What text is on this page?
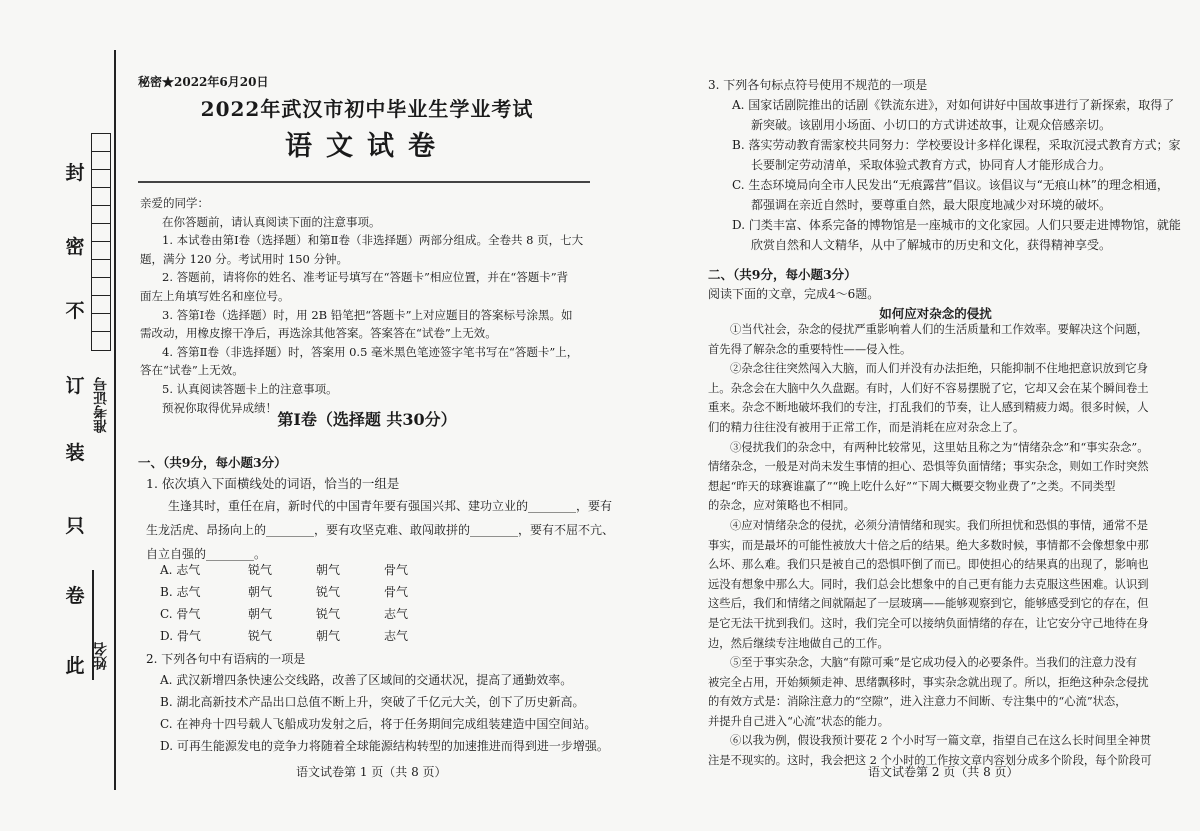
封
密
不
订
装
只
卷
此
准考证号
姓名
秘密★2022年6月20日
2022年武汉市初中毕业生学业考试
语文试卷

亲爱的同学：

在你答题前，请认真阅读下面的注意事项。

1. 本试卷由第Ⅰ卷（选择题）和第Ⅱ卷（非选择题）两部分组成。全卷共 8 页，七大

题，满分 120 分。考试用时 150 分钟。

2. 答题前，请将你的姓名、准考证号填写在“答题卡”相应位置，并在“答题卡”背

面左上角填写姓名和座位号。

3. 答第Ⅰ卷（选择题）时，用 2B 铅笔把“答题卡”上对应题目的答案标号涂黑。如

需改动，用橡皮擦干净后，再选涂其他答案。答案答在“试卷”上无效。

4. 答第Ⅱ卷（非选择题）时，答案用 0.5 毫米黑色笔迹签字笔书写在“答题卡”上，

答在“试卷”上无效。

5. 认真阅读答题卡上的注意事项。

预祝你取得优异成绩！

第Ⅰ卷（选择题 共30分）
一、（共9分，每小题3分）
1. 依次填入下面横线处的词语，恰当的一组是

生逢其时，重任在肩，新时代的中国青年要有强国兴邦、建功立业的________，要有

生龙活虎、昂扬向上的________，要有攻坚克难、敢闯敢拼的________，要有不屈不亢、

自立自强的________。

A. 志气	锐气	朝气	骨气
B. 志气	朝气	锐气	骨气
C. 骨气	朝气	锐气	志气
D. 骨气	锐气	朝气	志气
2. 下列各句中有语病的一项是
A. 武汉新增四条快速公交线路，改善了区域间的交通状况，提高了通勤效率。
B. 湖北高新技术产品出口总值不断上升，突破了千亿元大关，创下了历史新高。
C. 在神舟十四号载人飞船成功发射之后，将于任务期间完成组装建造中国空间站。
D. 可再生能源发电的竞争力将随着全球能源结构转型的加速推进而得到进一步增强。
语文试卷第 1 页（共 8 页）
3. 下列各句标点符号使用不规范的一项是
A. 国家话剧院推出的话剧《铁流东进》，对如何讲好中国故事进行了新探索，取得了
新突破。该剧用小场面、小切口的方式讲述故事，让观众倍感亲切。
B. 落实劳动教育需家校共同努力：学校要设计多样化课程，采取沉浸式教育方式；家
长要制定劳动清单，采取体验式教育方式，协同育人才能形成合力。
C. 生态环境局向全市人民发出“无痕露营”倡议。该倡议与“无痕山林”的理念相通，
都强调在亲近自然时，要尊重自然，最大限度地减少对环境的破坏。
D. 门类丰富、体系完备的博物馆是一座城市的文化家园。人们只要走进博物馆，就能
欣赏自然和人文精华，从中了解城市的历史和文化，获得精神享受。
二、（共9分，每小题3分）
阅读下面的文章，完成4～6题。
如何应对杂念的侵扰
①当代社会，杂念的侵扰严重影响着人们的生活质量和工作效率。要解决这个问题，
首先得了解杂念的重要特性——侵入性。
②杂念往往突然闯入大脑，而人们并没有办法拒绝，只能抑制不住地把意识放到它身
上。杂念会在大脑中久久盘踞。有时，人们好不容易摆脱了它，它却又会在某个瞬间卷土
重来。杂念不断地破坏我们的专注，打乱我们的节奏，让人感到精疲力竭。很多时候，人
们的精力往往没有被用于正常工作，而是消耗在应对杂念上了。
③侵扰我们的杂念中，有两种比较常见，这里姑且称之为“情绪杂念”和“事实杂念”。
情绪杂念，一般是对尚未发生事情的担心、恐惧等负面情绪；事实杂念，则如工作时突然
想起“昨天的球赛谁赢了”“晚上吃什么好”“下周大概要交物业费了”之类。不同类型
的杂念，应对策略也不相同。
④应对情绪杂念的侵扰，必须分清情绪和现实。我们所担忧和恐惧的事情，通常不是
事实，而是最坏的可能性被放大十倍之后的结果。绝大多数时候，事情都不会像想象中那
么坏、那么难。我们只是被自己的恐惧吓倒了而已。即使担心的结果真的出现了，影响也
远没有想象中那么大。同时，我们总会比想象中的自己更有能力去克服这些困难。认识到
这些后，我们和情绪之间就隔起了一层玻璃——能够观察到它，能够感受到它的存在，但
是它无法干扰到我们。这时，我们完全可以接纳负面情绪的存在，让它安分守己地待在身
边，然后继续专注地做自己的工作。
⑤至于事实杂念，大脑“有隙可乘”是它成功侵入的必要条件。当我们的注意力没有
被完全占用，开始频频走神、思绪飘移时，事实杂念就出现了。所以，拒绝这种杂念侵扰
的有效方式是：消除注意力的“空隙”，进入注意力不间断、专注集中的“心流”状态，
并提升自己进入“心流”状态的能力。
⑥以我为例，假设我预计要花 2 个小时写一篇文章，指望自己在这么长时间里全神贯
注是不现实的。这时，我会把这 2 个小时的工作按文章内容划分成多个阶段，每个阶段可
语文试卷第 2 页（共 8 页）
